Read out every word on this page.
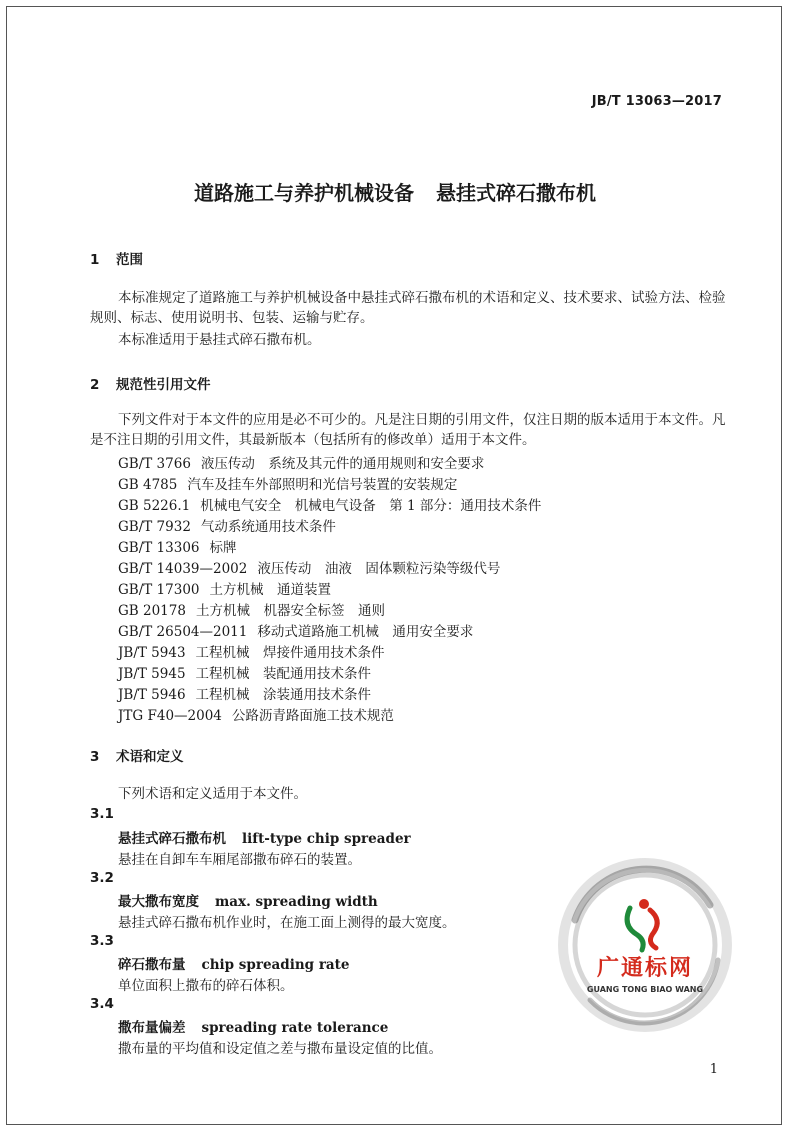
JB/T 13063—2017
道路施工与养护机械设备 悬挂式碎石撒布机
1 范围

本标准规定了道路施工与养护机械设备中悬挂式碎石撒布机的术语和定义、技术要求、试验方法、检验规则、标志、使用说明书、包装、运输与贮存。

本标准适用于悬挂式碎石撒布机。

2 规范性引用文件

下列文件对于本文件的应用是必不可少的。凡是注日期的引用文件，仅注日期的版本适用于本文件。凡是不注日期的引用文件，其最新版本（包括所有的修改单）适用于本文件。

GB/T 3766 液压传动　系统及其元件的通用规则和安全要求
GB 4785 汽车及挂车外部照明和光信号装置的安装规定
GB 5226.1 机械电气安全　机械电气设备　第 1 部分：通用技术条件
GB/T 7932 气动系统通用技术条件
GB/T 13306 标牌
GB/T 14039—2002 液压传动　油液　固体颗粒污染等级代号
GB/T 17300 土方机械　通道装置
GB 20178 土方机械　机器安全标签　通则
GB/T 26504—2011 移动式道路施工机械　通用安全要求
JB/T 5943 工程机械　焊接件通用技术条件
JB/T 5945 工程机械　装配通用技术条件
JB/T 5946 工程机械　涂装通用技术条件
JTG F40—2004 公路沥青路面施工技术规范
3 术语和定义
下列术语和定义适用于本文件。
3.1
悬挂式碎石撒布机 lift-type chip spreader
悬挂在自卸车车厢尾部撒布碎石的装置。
3.2
最大撒布宽度 max. spreading width
悬挂式碎石撒布机作业时，在施工面上测得的最大宽度。
3.3
碎石撒布量 chip spreading rate
单位面积上撒布的碎石体积。
3.4
撒布量偏差 spreading rate tolerance
撒布量的平均值和设定值之差与撒布量设定值的比值。
广通标网
GUANG TONG BIAO WANG
1
